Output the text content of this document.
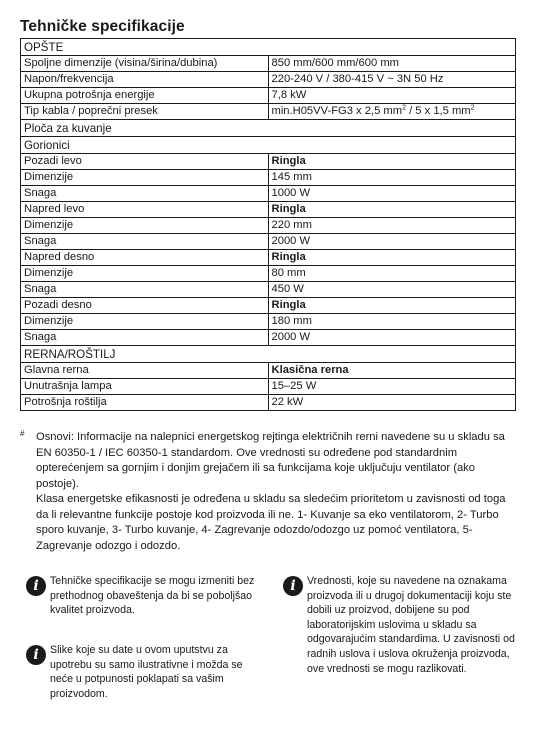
Tehničke specifikacije
OPŠTE	
Spoljne dimenzije (visina/širina/dubina)	850 mm/600 mm/600 mm
Napon/frekvencija	220-240 V / 380-415 V ~ 3N 50 Hz
Ukupna potrošnja energije	7,8 kW
Tip kabla / poprečni presek	min.H05VV-FG3 x 2,5 $mm^2 / 5$ x 1,5 $mm^2$
Ploča za kuvanje	
Gorionici	
Pozadi levo	Ringla
Dimenzije	145 mm
Snaga	1000 W
Napred levo	Ringla
Dimenzije	220 mm
Snaga	2000 W
Napred desno	Ringla
Dimenzije	80 mm
Snaga	450 W
Pozadi desno	Ringla
Dimenzije	180 mm
Snaga	2000 W
RERNA/ROŠTILJ	
Glavna rerna	Klasična rerna
Unutrašnja lampa	15–25 W
Potrošnja roštilja	22 kW
# Osnovi: Informacije na nalepnici energetskog rejtinga električnih rerni navedene su u skladu sa EN 60350-1 / IEC 60350-1 standardom. Ove vrednosti su određene pod standardnim opterećenjem sa gornjim i donjim grejačem ili sa funkcijama koje uključuju ventilator (ako postoje).
Klasa energetske efikasnosti je određena u skladu sa sledećim prioritetom u zavisnosti od toga da li relevantne funkcije postoje kod proizvoda ili ne. 1- Kuvanje sa eko ventilatorom, 2- Turbo sporo kuvanje, 3- Turbo kuvanje, 4- Zagrevanje odozdo/odozgo uz pomoć ventilatora, 5-Zagrevanje odozgo i odozdo.
i	Tehničke specifikacije se mogu izmeniti bez prethodnog obaveštenja da bi se poboljšao kvalitet proizvoda.
i	Slike koje su date u ovom uputstvu za upotrebu su samo ilustrativne i možda se neće u potpunosti poklapati sa vašim proizvodom.
i	Vrednosti, koje su navedene na oznakama proizvoda ili u drugoj dokumentaciji koju ste dobili uz proizvod, dobijene su pod laboratorijskim uslovima u skladu sa odgovarajućim standardima. U zavisnosti od radnih uslova i uslova okruženja proizvoda, ove vrednosti se mogu razlikovati.
